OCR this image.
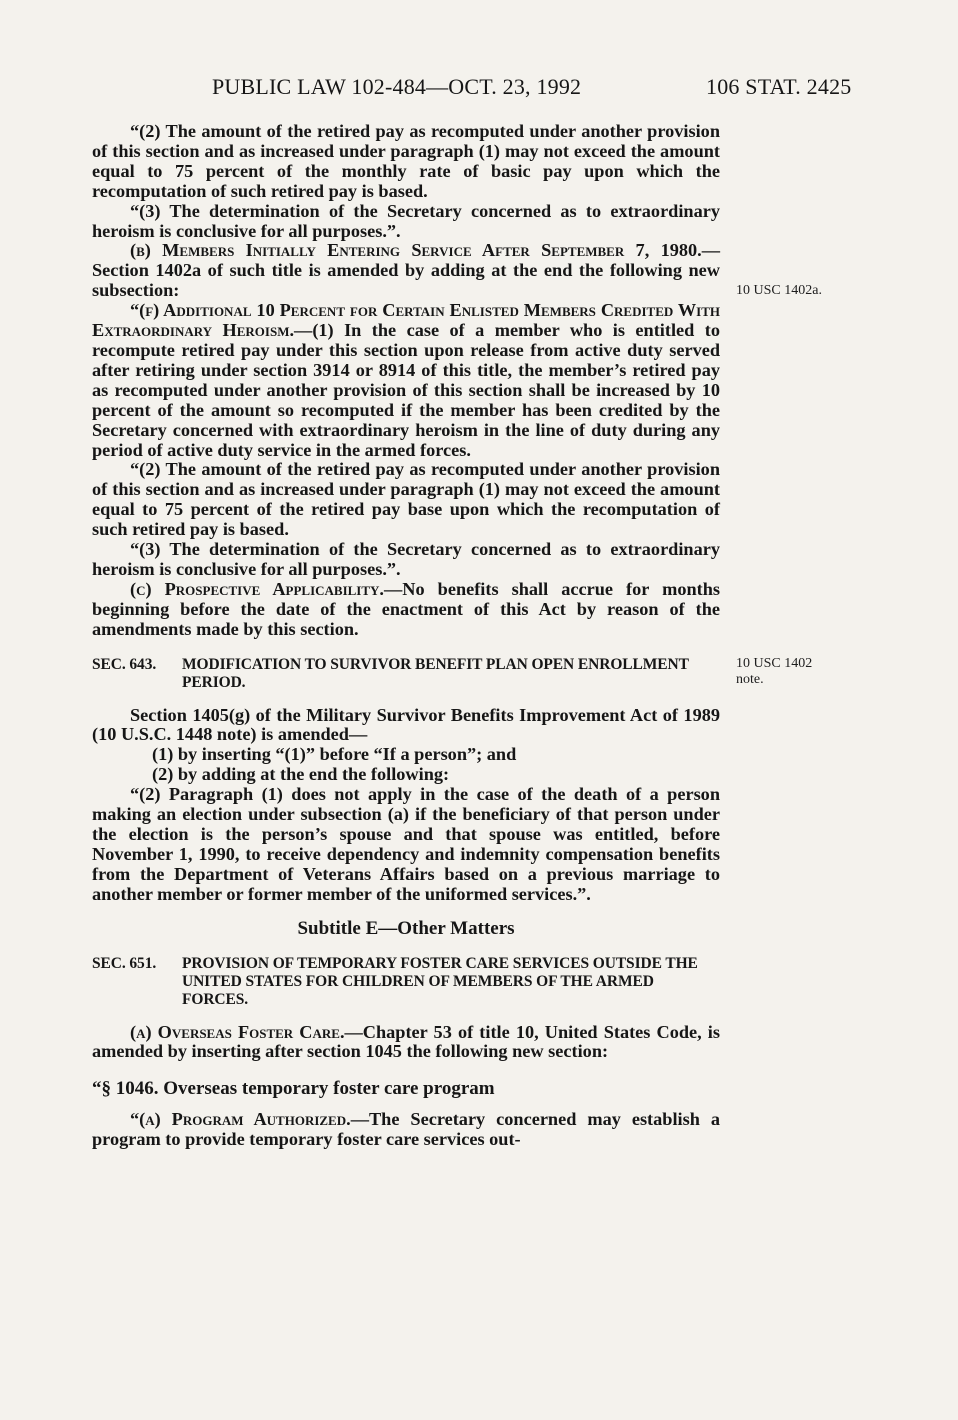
PUBLIC LAW 102-484—OCT. 23, 1992	106 STAT. 2425
10 USC 1402a.
10 USC 1402
note.

“(2) The amount of the retired pay as recomputed under another provision of this section and as increased under paragraph (1) may not exceed the amount equal to 75 percent of the monthly rate of basic pay upon which the recomputation of such retired pay is based.

“(3) The determination of the Secretary concerned as to extraordinary heroism is conclusive for all purposes.”.

(b) Members Initially Entering Service After September 7, 1980.—Section 1402a of such title is amended by adding at the end the following new subsection:

“(f) Additional 10 Percent for Certain Enlisted Members Credited With Extraordinary Heroism.—(1) In the case of a member who is entitled to recompute retired pay under this section upon release from active duty served after retiring under section 3914 or 8914 of this title, the member’s retired pay as recomputed under another provision of this section shall be increased by 10 percent of the amount so recomputed if the member has been credited by the Secretary concerned with extraordinary heroism in the line of duty during any period of active duty service in the armed forces.

“(2) The amount of the retired pay as recomputed under another provision of this section and as increased under paragraph (1) may not exceed the amount equal to 75 percent of the retired pay base upon which the recomputation of such retired pay is based.

“(3) The determination of the Secretary concerned as to extraordinary heroism is conclusive for all purposes.”.

(c) Prospective Applicability.—No benefits shall accrue for months beginning before the date of the enactment of this Act by reason of the amendments made by this section.

SEC. 643. MODIFICATION TO SURVIVOR BENEFIT PLAN OPEN ENROLLMENT PERIOD.

Section 1405(g) of the Military Survivor Benefits Improvement Act of 1989 (10 U.S.C. 1448 note) is amended—

(1) by inserting “(1)” before “If a person”; and

(2) by adding at the end the following:

“(2) Paragraph (1) does not apply in the case of the death of a person making an election under subsection (a) if the beneficiary of that person under the election is the person’s spouse and that spouse was entitled, before November 1, 1990, to receive dependency and indemnity compensation benefits from the Department of Veterans Affairs based on a previous marriage to another member or former member of the uniformed services.”.

Subtitle E—Other Matters
SEC. 651. PROVISION OF TEMPORARY FOSTER CARE SERVICES OUTSIDE THE UNITED STATES FOR CHILDREN OF MEMBERS OF THE ARMED FORCES.

(a) Overseas Foster Care.—Chapter 53 of title 10, United States Code, is amended by inserting after section 1045 the following new section:

“§ 1046. Overseas temporary foster care program

“(a) Program Authorized.—The Secretary concerned may establish a program to provide temporary foster care services out-
